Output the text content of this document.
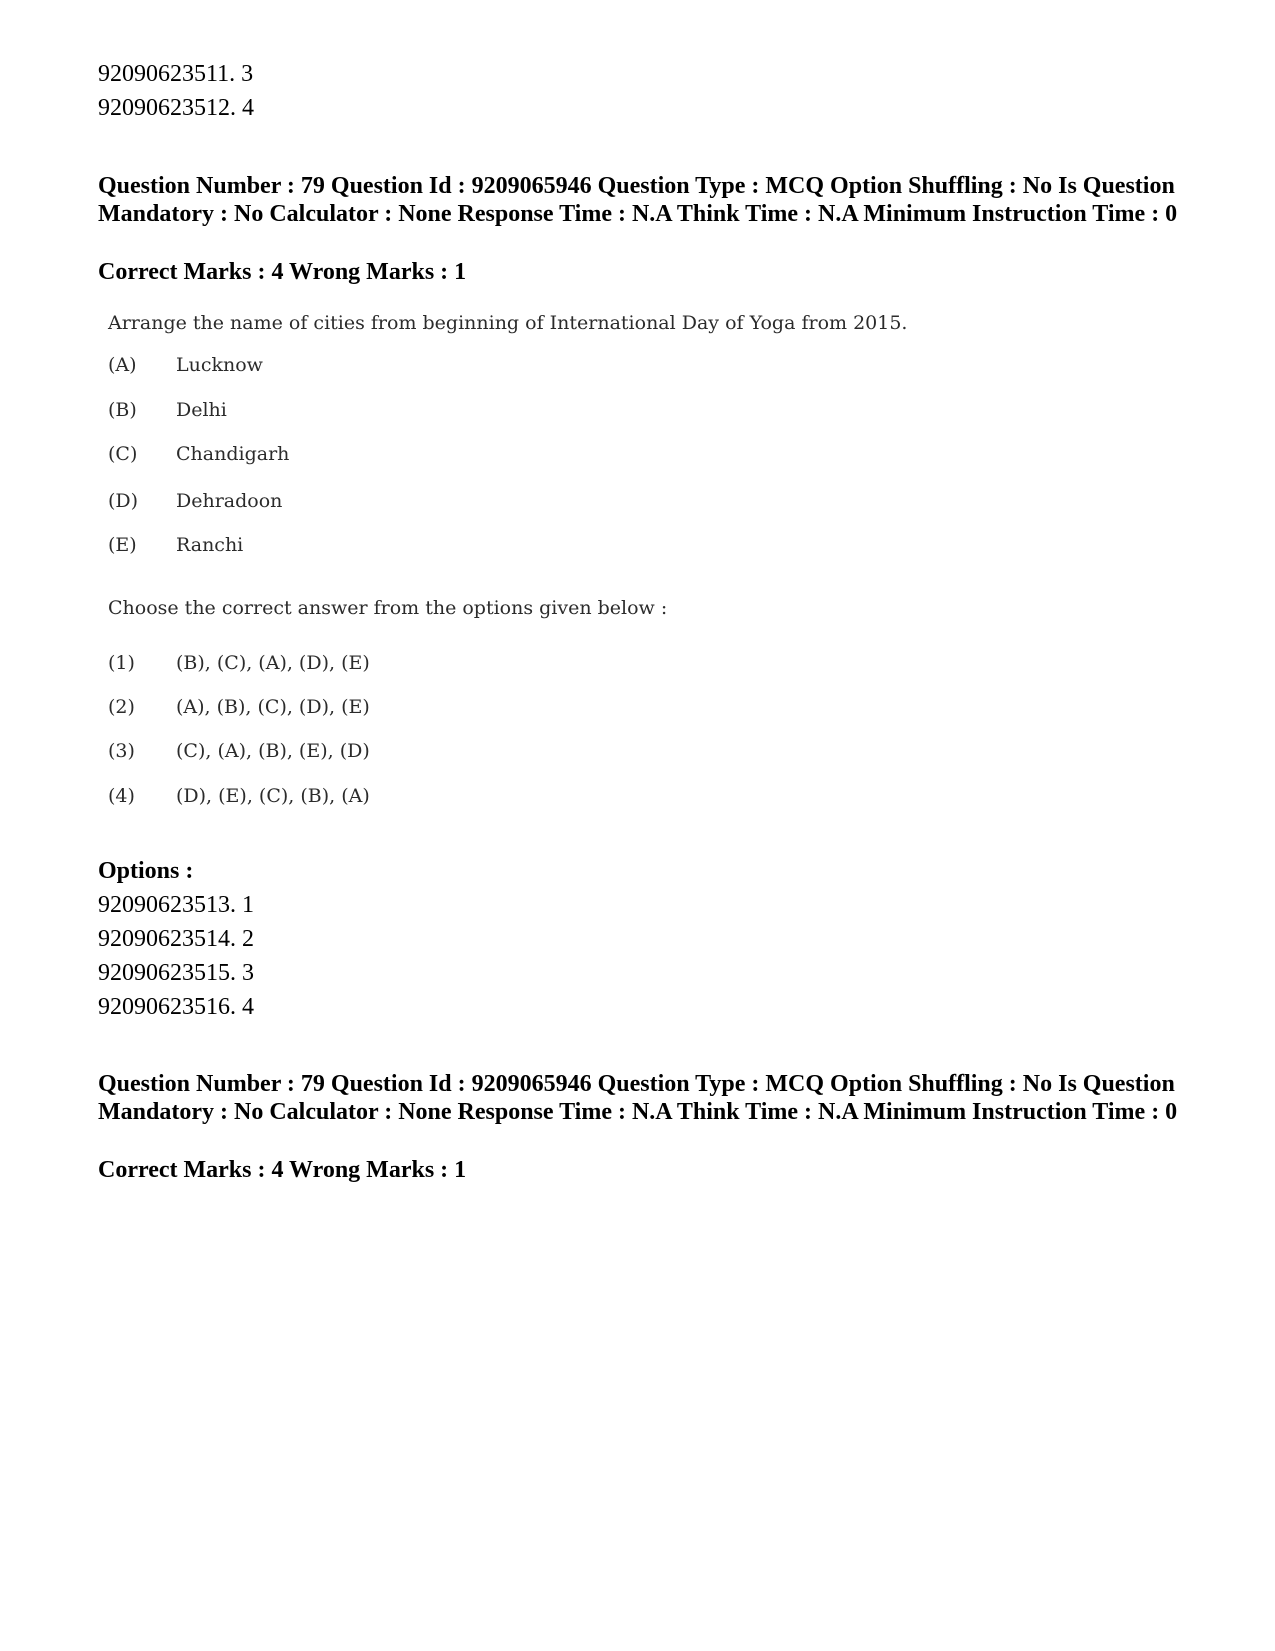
92090623511. 3
92090623512. 4
Question Number : 79 Question Id : 9209065946 Question Type : MCQ Option Shuffling : No Is Question Mandatory : No Calculator : None Response Time : N.A Think Time : N.A Minimum Instruction Time : 0
Correct Marks : 4 Wrong Marks : 1
Arrange the name of cities from beginning of International Day of Yoga from 2015.
(A) Lucknow
(B) Delhi
(C) Chandigarh
(D) Dehradoon
(E) Ranchi
Choose the correct answer from the options given below :
(1) (B), (C), (A), (D), (E)
(2) (A), (B), (C), (D), (E)
(3) (C), (A), (B), (E), (D)
(4) (D), (E), (C), (B), (A)
Options :
92090623513. 1
92090623514. 2
92090623515. 3
92090623516. 4
Question Number : 79 Question Id : 9209065946 Question Type : MCQ Option Shuffling : No Is Question Mandatory : No Calculator : None Response Time : N.A Think Time : N.A Minimum Instruction Time : 0
Correct Marks : 4 Wrong Marks : 1
